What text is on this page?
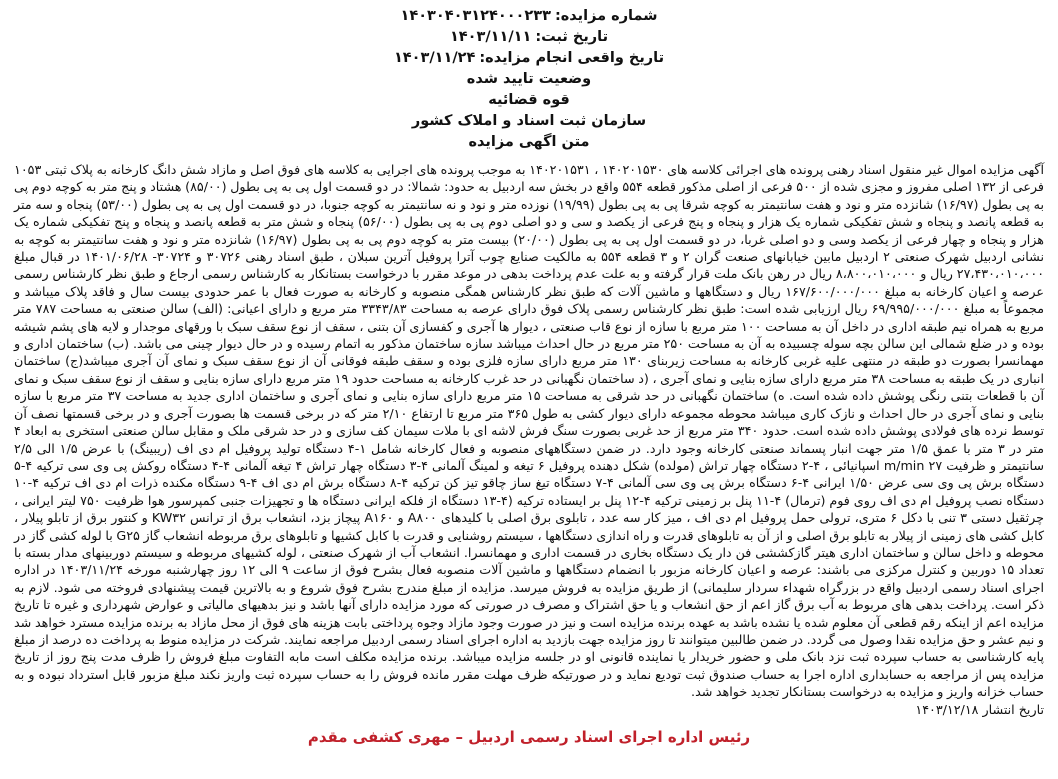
شماره مزایده:۱۴۰۳۰۴۰۳۱۲۴۰۰۰۲۳۳
تاریخ ثبت:۱۴۰۳/۱۱/۱۱
تاریخ واقعی انجام مزایده:۱۴۰۳/۱۱/۲۴
وضعیت تایید شده
قوه قضائیه
سازمان ثبت اسناد و املاک کشور
متن اگهی مزایده
آگهی مزایده اموال غیر منقول اسناد رهنی پرونده های اجرائی کلاسه های ۱۴۰۲۰۱۵۳۰ ، ۱۴۰۲۰۱۵۳۱ به موجب پرونده های اجرایی به کلاسه های فوق اصل و مازاد شش دانگ کارخانه به پلاک ثبتی ۱۰۵۳ فرعی از ۱۳۲ اصلی مفروز و مجزی شده از ۵۰۰ فرعی از اصلی مذکور قطعه ۵۵۴ واقع در بخش سه اردبیل به حدود: شمالا: در دو قسمت اول پی به پی بطول (۸۵/۰۰) هشتاد و پنج متر به کوچه دوم پی به پی بطول (۱۶/۹۷) شانزده متر و نود و هفت سانتیمتر به کوچه شرقا پی به پی بطول (۱۹/۹۹) نوزده متر و نود و نه سانتیمتر به کوچه جنوبا، در دو قسمت اول پی به پی بطول (۵۳/۰۰) پنجاه و سه متر به قطعه پانصد و پنجاه و شش تفکیکی شماره یک هزار و پنجاه و پنج فرعی از یکصد و سی و دو اصلی دوم پی به پی بطول (۵۶/۰۰) پنجاه و شش متر به قطعه پانصد و پنجاه و پنج تفکیکی شماره یک هزار و پنجاه و چهار فرعی از یکصد وسی و دو اصلی غربا، در دو قسمت اول پی به پی بطول (۲۰/۰۰) بیست متر به کوچه دوم پی به پی بطول (۱۶/۹۷) شانزده متر و نود و هفت سانتیمتر به کوچه به نشانی اردبیل شهرک صنعتی ۲ اردبیل مابین خیابانهای صنعت گران ۲ و ۳ قطعه ۵۵۴ به مالکیت صنایع چوب آترا پروفیل آترین سبلان ، طبق اسناد رهنی ۳۰۷۲۶ و ۳۰۷۲۴- ۱۴۰۱/۰۶/۲۸ در قبال مبلغ ۲۷،۴۳۰،۰۱۰،۰۰۰ ریال و ۸،۸۰۰،۰۱۰،۰۰۰ ریال در رهن بانک ملت قرار گرفته و به علت عدم پرداخت بدهی در موعد مقرر با درخواست بستانکار به کارشناس رسمی ارجاع و طبق نظر کارشناس رسمی عرصه و اعیان کارخانه به مبلغ ۱۶۷/۶۰۰/۰۰۰/۰۰۰ ریال و دستگاهها و ماشین آلات که طبق نظر کارشناس همگی منصوبه و کارخانه به صورت فعال با عمر حدودی بیست سال و فاقد پلاک میباشد و مجموعاً به مبلغ ۶۹/۹۹۵/۰۰۰/۰۰۰ ریال ارزیابی شده است: طبق نظر کارشناس رسمی پلاک فوق دارای عرصه به مساحت ۳۳۴۳/۸۳ متر مربع و دارای اعیانی: (الف) سالن صنعتی به مساحت ۷۸۷ متر مربع به همراه نیم طبقه اداری در داخل آن به مساحت ۱۰۰ متر مربع با سازه از نوع قاب صنعتی ، دیوار ها آجری و کفسازی آن بتنی ، سقف از نوع سقف سبک با ورقهای موجدار و لایه های پشم شیشه بوده و در ضلع شمالی این سالن بچه سوله چسبیده به آن به مساحت ۲۵۰ متر مربع در حال احداث میباشد سازه ساختمان مذکور به اتمام رسیده و در حال دیوار چینی می باشد. (ب) ساختمان اداری و مهمانسرا بصورت دو طبقه در منتهی علیه غربی کارخانه به مساحت زیربنای ۱۳۰ متر مربع دارای سازه فلزی بوده و سقف طبقه فوقانی آن از نوع سقف سبک و نمای آن آجری میباشد(ج) ساختمان انباری در یک طبقه به مساحت ۳۸ متر مربع دارای سازه بنایی و نمای آجری ، (د ساختمان نگهبانی در حد غرب کارخانه به مساحت حدود ۱۹ متر مربع دارای سازه بنایی و سقف از نوع سقف سبک و نمای آن با قطعات بتنی رنگی پوشش داده شده است. ه) ساختمان نگهبانی در حد شرقی به مساحت ۱۵ متر مربع دارای سازه بنایی و نمای آجری و ساختمان اداری جدید به مساحت ۳۷ متر مربع با سازه بنایی و نمای آجری در حال احداث و نازک کاری میباشد محوطه مجموعه دارای دیوار کشی به طول ۳۶۵ متر مربع تا ارتفاع ۲/۱۰ متر که در برخی قسمت ها بصورت آجری و در برخی قسمتها نصف آن توسط نرده های فولادی پوشش داده شده است. حدود ۳۴۰ متر مربع از حد غربی بصورت سنگ فرش لاشه ای با ملات سیمان کف سازی و در حد شرقی ملک و مقابل سالن صنعتی استخری به ابعاد ۴ متر در ۳ متر با عمق ۱/۵ متر جهت انبار پسماند صنعتی کارخانه وجود دارد. در ضمن دستگاههای منصوبه و فعال کارخانه شامل ۱-۴ دستگاه تولید پروفیل ام دی اف (ریبینگ) با عرض ۱/۵ الی ۲/۵ سانتیمتر و ظرفیت ۲۷ m/min اسپانیائی ، ۴-۲ دستگاه چهار تراش (مولده) شکل دهنده پروفیل ۶ تیغه و لمینگ آلمانی ۴-۳ دستگاه چهار تراش ۴ تیغه آلمانی ۴-۴ دستگاه روکش پی وی سی ترکیه ۴-۵ دستگاه برش پی وی سی عرض ۱/۵۰ ایرانی ۴-۶ دستگاه برش پی وی سی آلمانی ۴-۷ دستگاه تیغ ساز چاقو تیز کن ترکیه ۴-۸ دستگاه برش ام دی اف ۴-۹ دستگاه مکنده ذرات ام دی اف ترکیه ۴-۱۰ دستگاه نصب پروفیل ام دی اف روی فوم (ترمال) ۴-۱۱ پنل بر زمینی ترکیه ۴-۱۲ پنل بر ایستاده ترکیه (۴-۱۳ دستگاه از فلکه ایرانی دستگاه ها و تجهیزات جنبی کمپرسور هوا ظرفیت ۷۵۰ لیتر ایرانی ، چرثقیل دستی ۳ تنی با دکل ۶ متری، ترولی حمل پروفیل ام دی اف ، میز کار سه عدد ، تابلوی برق اصلی با کلیدهای A۸۰۰ و A۱۶۰ پیچاز بزد، انشعاب برق از ترانس KW۳۲ و کنتور برق از تابلو پیلار ، کابل کشی های زمینی از پیلار به تابلو برق اصلی و از آن به تابلوهای قدرت و راه اندازی دستگاهها ، سیستم روشنایی و قدرت با کابل کشیها و تابلوهای برق مربوطه انشعاب گاز G۲۵ با لوله کشی گاز در محوطه و داخل سالن و ساختمان اداری هیتر گازکششی فن دار یک دستگاه بخاری در قسمت اداری و مهمانسرا. انشعاب آب از شهرک صنعتی ، لوله کشیهای مربوطه و سیستم دوربینهای مدار بسته با تعداد ۱۵ دوربین و کنترل مرکزی می باشند: عرصه و اعیان کارخانه مزبور با انضمام دستگاهها و ماشین آلات منصوبه فعال بشرح فوق از ساعت ۹ الی ۱۲ روز چهارشنبه مورخه ۱۴۰۳/۱۱/۲۴ در اداره اجرای اسناد رسمی اردبیل واقع در بزرگراه شهداء سردار سلیمانی) از طریق مزایده به فروش میرسد. مزایده از مبلغ مندرج بشرح فوق شروع و به بالاترین قیمت پیشنهادی فروخته می شود. لازم به ذکر است. پرداخت بدهی های مربوط به آب برق گاز اعم از حق انشعاب و یا حق اشتراک و مصرف در صورتی که مورد مزایده دارای آنها باشد و نیز بدهیهای مالیاتی و عوارض شهرداری و غیره تا تاریخ مزایده اعم از اینکه رقم قطعی آن معلوم شده یا نشده باشد به عهده برنده مزایده است و نیز در صورت وجود مازاد وجوه پرداختی بابت هزینه های فوق از محل مازاد به برنده مزایده مسترد خواهد شد و نیم عشر و حق مزایده نقدا وصول می گردد. در ضمن طالبین میتوانند تا روز مزایده جهت بازدید به اداره اجرای اسناد رسمی اردبیل مراجعه نمایند. شرکت در مزایده منوط به پرداخت ده درصد از مبلغ پایه کارشناسی به حساب سپرده ثبت نزد بانک ملی و حضور خریدار یا نماینده قانونی او در جلسه مزایده میباشد. برنده مزایده مکلف است مابه التفاوت مبلغ فروش را ظرف مدت پنج روز از تاریخ مزایده پس از مراجعه به حسابداری اداره اجرا به حساب صندوق ثبت تودیع نماید و در صورتیکه ظرف مهلت مقرر مانده فروش را به حساب سپرده ثبت واریز نکند مبلغ مزبور قابل استرداد نبوده و به حساب خزانه واریز و مزایده به درخواست بستانکار تجدید خواهد شد.
تاریخ انتشار ۱۴۰۳/۱۲/۱۸
رئیس اداره اجرای اسناد رسمی اردبیل – مهری کشفی مقدم
